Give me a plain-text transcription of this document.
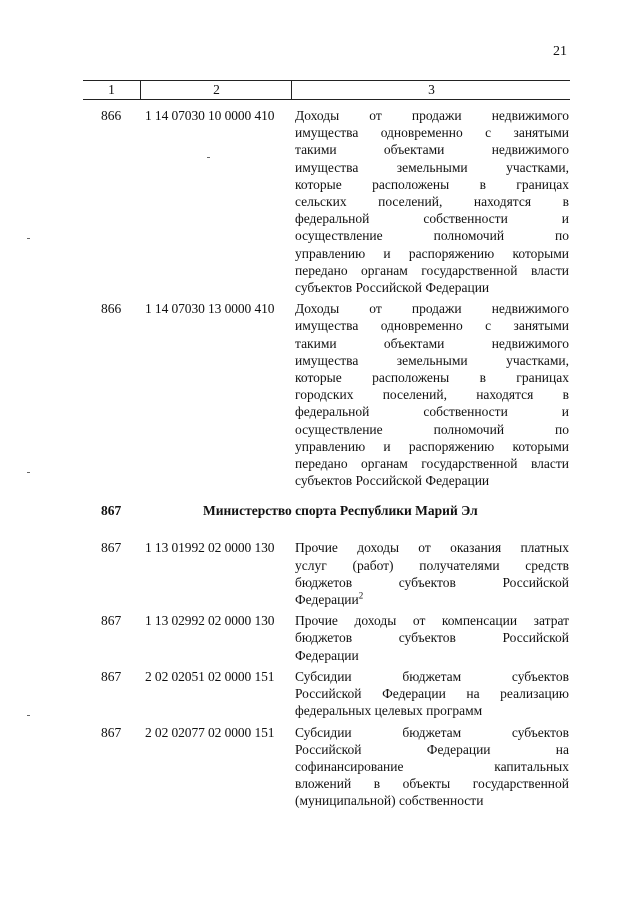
21
1	2	3
866	1 14 07030 10 0000 410	Доходы от продажи недвижимого
имущества одновременно с занятыми
такими объектами недвижимого
имущества земельными участками,
которые расположены в границах
сельских поселений, находятся в
федеральной собственности и
осуществление полномочий по
управлению и распоряжению которыми
передано органам государственной власти
субъектов Российской Федерации
866	1 14 07030 13 0000 410	Доходы от продажи недвижимого
имущества одновременно с занятыми
такими объектами недвижимого
имущества земельными участками,
которые расположены в границах
городских поселений, находятся в
федеральной собственности и
осуществление полномочий по
управлению и распоряжению которыми
передано органам государственной власти
субъектов Российской Федерации
867	Министерство спорта Республики Марий Эл
867	1 13 01992 02 0000 130	Прочие доходы от оказания платных
услуг (работ) получателями средств
бюджетов субъектов Российской
Федерации$^2$
867	1 13 02992 02 0000 130	Прочие доходы от компенсации затрат
бюджетов субъектов Российской
Федерации
867	2 02 02051 02 0000 151	Субсидии бюджетам субъектов
Российской Федерации на реализацию
федеральных целевых программ
867	2 02 02077 02 0000 151	Субсидии бюджетам субъектов
Российской Федерации на
софинансирование капитальных
вложений в объекты государственной
(муниципальной) собственности
